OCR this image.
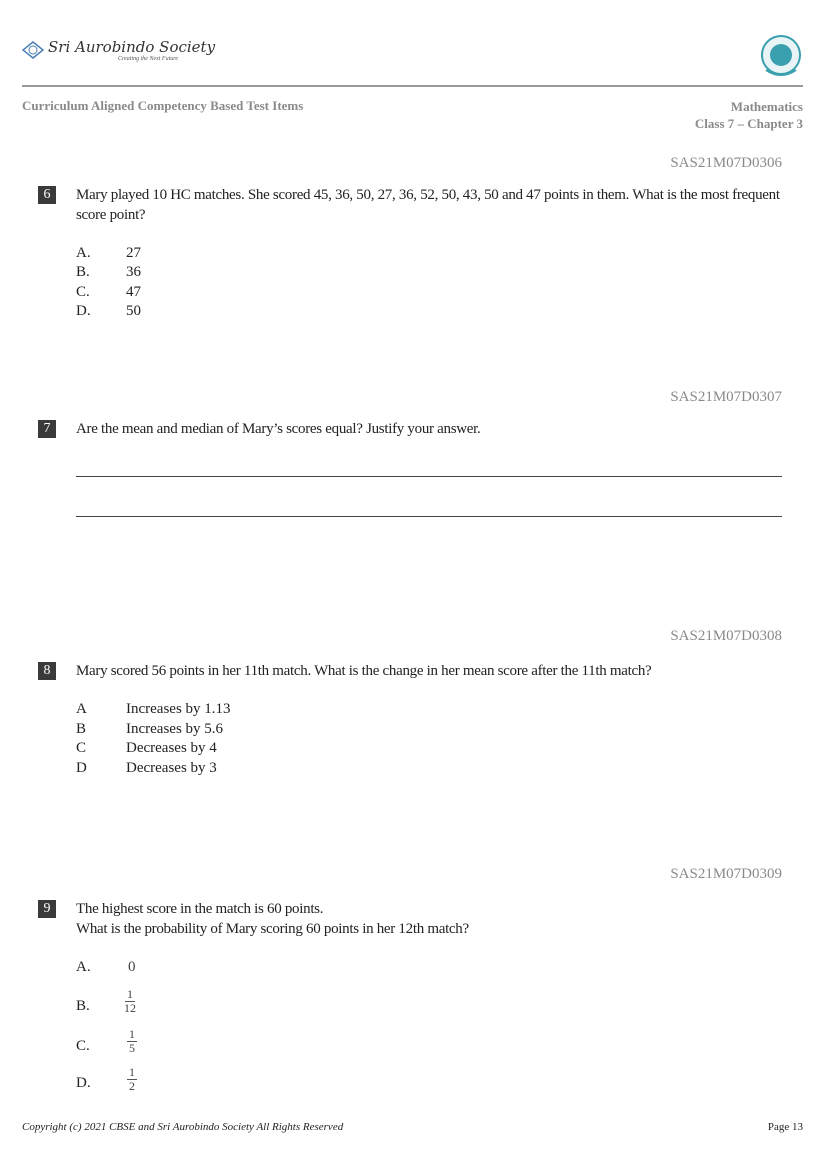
Sri Aurobindo Society
Creating the Next Future
Curriculum Aligned Competency Based Test Items	Mathematics
Class 7 – Chapter 3
SAS21M07D0306
6	Mary played 10 HC matches. She scored 45, 36, 50, 27, 36, 52, 50, 43, 50 and 47 points in them. What is the most frequent score point?
A. 27
B. 36
C. 47
D. 50
SAS21M07D0307
7	Are the mean and median of Mary’s scores equal? Justify your answer.
SAS21M07D0308
8	Mary scored 56 points in her 11th match. What is the change in her mean score after the 11th match?
A	Increases by 1.13
B	Increases by 5.6
C	Decreases by 4
D	Decreases by 3
SAS21M07D0309
9	The highest score in the match is 60 points.
What is the probability of Mary scoring 60 points in her 12th match?
A. 0
B.	$\frac{1}{12}$
C.	$\frac{1}{5}$
D.	$\frac{1}{2}$
Copyright (c) 2021 CBSE and Sri Aurobindo Society All Rights Reserved	Page 13
